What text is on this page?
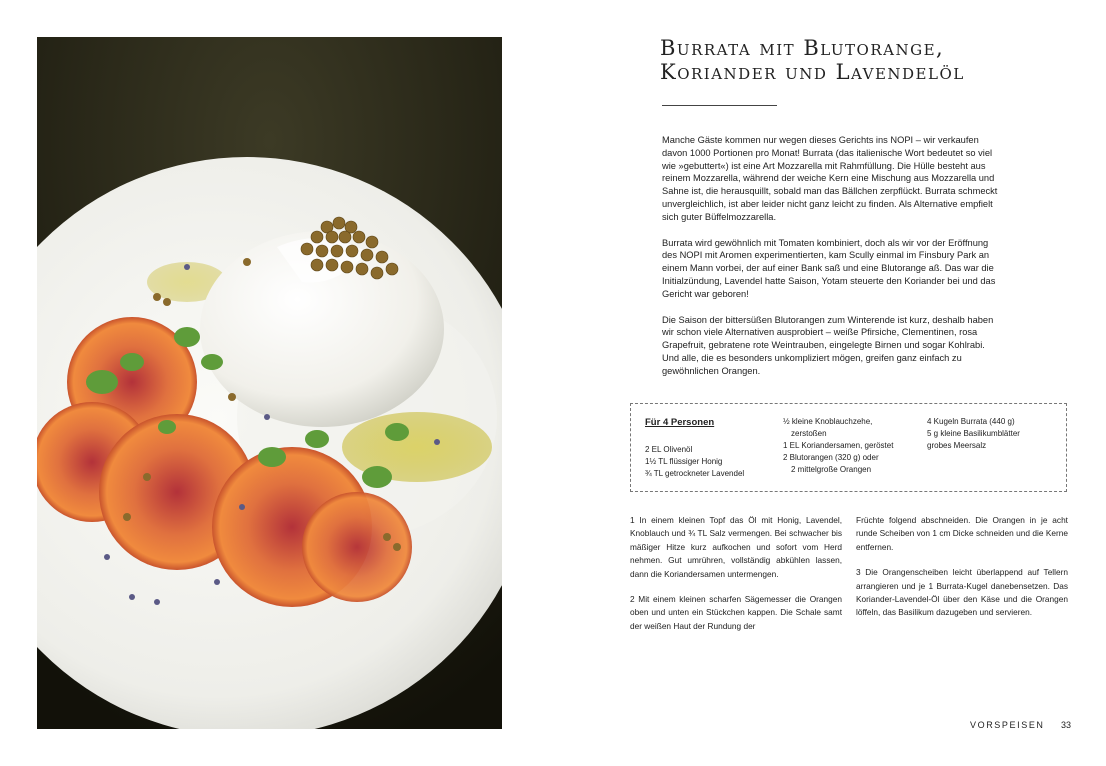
Burrata mit Blutorange,
Koriander und Lavendelöl

Manche Gäste kommen nur wegen dieses Gerichts ins NOPI – wir verkaufen davon 1000 Portionen pro Monat! Burrata (das italienische Wort bedeutet so viel wie »gebuttert«) ist eine Art Mozzarella mit Rahmfüllung. Die Hülle besteht aus reinem Mozzarella, während der weiche Kern eine Mischung aus Mozzarella und Sahne ist, die herausquillt, sobald man das Bällchen zerpflückt. Burrata schmeckt unvergleichlich, ist aber leider nicht ganz leicht zu finden. Als Alternative empfielt sich guter Büffelmozzarella.

Burrata wird gewöhnlich mit Tomaten kombiniert, doch als wir vor der Eröffnung des NOPI mit Aromen experimentierten, kam Scully einmal im Finsbury Park an einem Mann vorbei, der auf einer Bank saß und eine Blutorange aß. Das war die Initialzündung, Lavendel hatte Saison, Yotam steuerte den Koriander bei und das Gericht war geboren!

Die Saison der bittersüßen Blutorangen zum Winterende ist kurz, deshalb haben wir schon viele Alternativen ausprobiert – weiße Pfirsiche, Clementinen, rosa Grapefruit, gebratene rote Weintrauben, eingelegte Birnen und sogar Kohlrabi. Und alle, die es besonders unkompliziert mögen, greifen ganz einfach zu gewöhnlichen Orangen.

Für 4 Personen
2 EL Olivenöl
1½ TL flüssiger Honig
¾ TL getrockneter Lavendel
½ kleine Knoblauchzehe,
zerstoßen
1 EL Koriandersamen, geröstet
2 Blutorangen (320 g) oder
2 mittelgroße Orangen
4 Kugeln Burrata (440 g)
5 g kleine Basilikumblätter
grobes Meersalz

1 In einem kleinen Topf das Öl mit Honig, Lavendel, Knoblauch und ¾ TL Salz vermengen. Bei schwacher bis mäßiger Hitze kurz aufkochen und sofort vom Herd nehmen. Gut umrühren, vollständig abkühlen lassen, dann die Koriandersamen untermengen.

2 Mit einem kleinen scharfen Sägemesser die Orangen oben und unten ein Stückchen kappen. Die Schale samt der weißen Haut der Rundung der

Früchte folgend abschneiden. Die Orangen in je acht runde Scheiben von 1 cm Dicke schneiden und die Kerne entfernen.

3 Die Orangenscheiben leicht überlappend auf Tellern arrangieren und je 1 Burrata-Kugel danebensetzen. Das Koriander-Lavendel-Öl über den Käse und die Orangen löffeln, das Basilikum dazugeben und servieren.

VORSPEISEN 33
